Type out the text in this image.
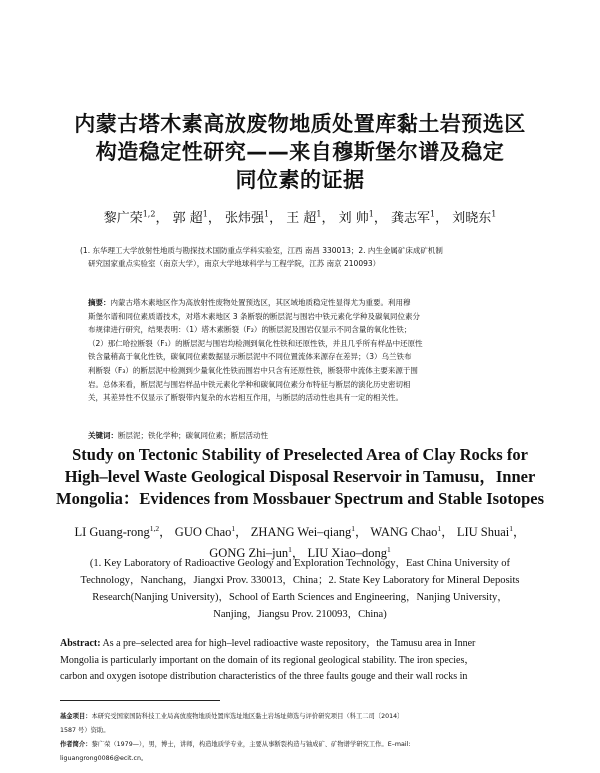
内蒙古塔木素高放废物地质处置库黏土岩预选区
构造稳定性研究——来自穆斯堡尔谱及稳定
同位素的证据
黎广荣$^{1,2}$， 郭 超$^1$， 张炜强$^1$， 王 超$^1$， 刘 帅$^1$， 龚志军$^1$， 刘晓东$^1$
(1. 东华理工大学放射性地质与勘探技术国防重点学科实验室，江西 南昌 330013；2. 内生金属矿床成矿机制
研究国家重点实验室（南京大学），南京大学地球科学与工程学院，江苏 南京 210093）
摘要：内蒙古塔木素地区作为高放射性废物处置预选区，其区域地质稳定性显得尤为重要。利用穆
斯堡尔谱和同位素质谱技术，对塔木素地区 3 条断裂的断层泥与围岩中铁元素化学种及碳氧同位素分
布规律进行研究，结果表明：（1）塔木素断裂（F₂）的断层泥及围岩仅显示不同含量的氧化性铁；
（2）那仁哈拉断裂（F₁）的断层泥与围岩均检测到氧化性铁和还原性铁，并且几乎所有样品中还原性
铁含量稍高于氧化性铁，碳氧同位素数据显示断层泥中不同位置流体来源存在差异；（3）乌兰铁布
利断裂（F₃）的断层泥中检测到少量氧化性铁而围岩中只含有还原性铁，断裂带中流体主要来源于围
岩。总体来看，断层泥与围岩样品中铁元素化学种和碳氧同位素分布特征与断层的演化历史密切相
关，其差异性不仅显示了断裂带内复杂的水岩相互作用，与断层的活动性也具有一定的相关性。
关键词：断层泥；铁化学种；碳氧同位素；断层活动性
Study on Tectonic Stability of Preselected Area of Clay Rocks for
High–level Waste Geological Disposal Reservoir in Tamusu，Inner
Mongolia：Evidences from Mossbauer Spectrum and Stable Isotopes
LI Guang-rong$^{1,2}$， GUO Chao$^1$， ZHANG Wei–qiang$^1$， WANG Chao$^1$， LIU Shuai$^1$，
GONG Zhi–jun$^1$， LIU Xiao–dong$^1$
(1. Key Laboratory of Radioactive Geology and Exploration Technology，East China University of
Technology，Nanchang，Jiangxi Prov. 330013，China；2. State Key Laboratory for Mineral Deposits
Research(Nanjing University)，School of Earth Sciences and Engineering，Nanjing University，
Nanjing，Jiangsu Prov. 210093，China)
Abstract: As a pre–selected area for high–level radioactive waste repository，the Tamusu area in Inner
Mongolia is particularly important on the domain of its regional geological stability. The iron species，
carbon and oxygen isotope distribution characteristics of the three faults gouge and their wall rocks in
基金项目：本研究受国家国防科技工业局高放废物地质处置库选址地区黏土岩场址筛选与评价研究项目（科工二司〔2014〕
1587 号）资助。
作者简介：黎广荣（1979—），男，博士，讲师，构造地质学专业，主要从事断裂构造与铀成矿、矿物谱学研究工作。E–mail:
liguangrong0086@ecit.cn。
